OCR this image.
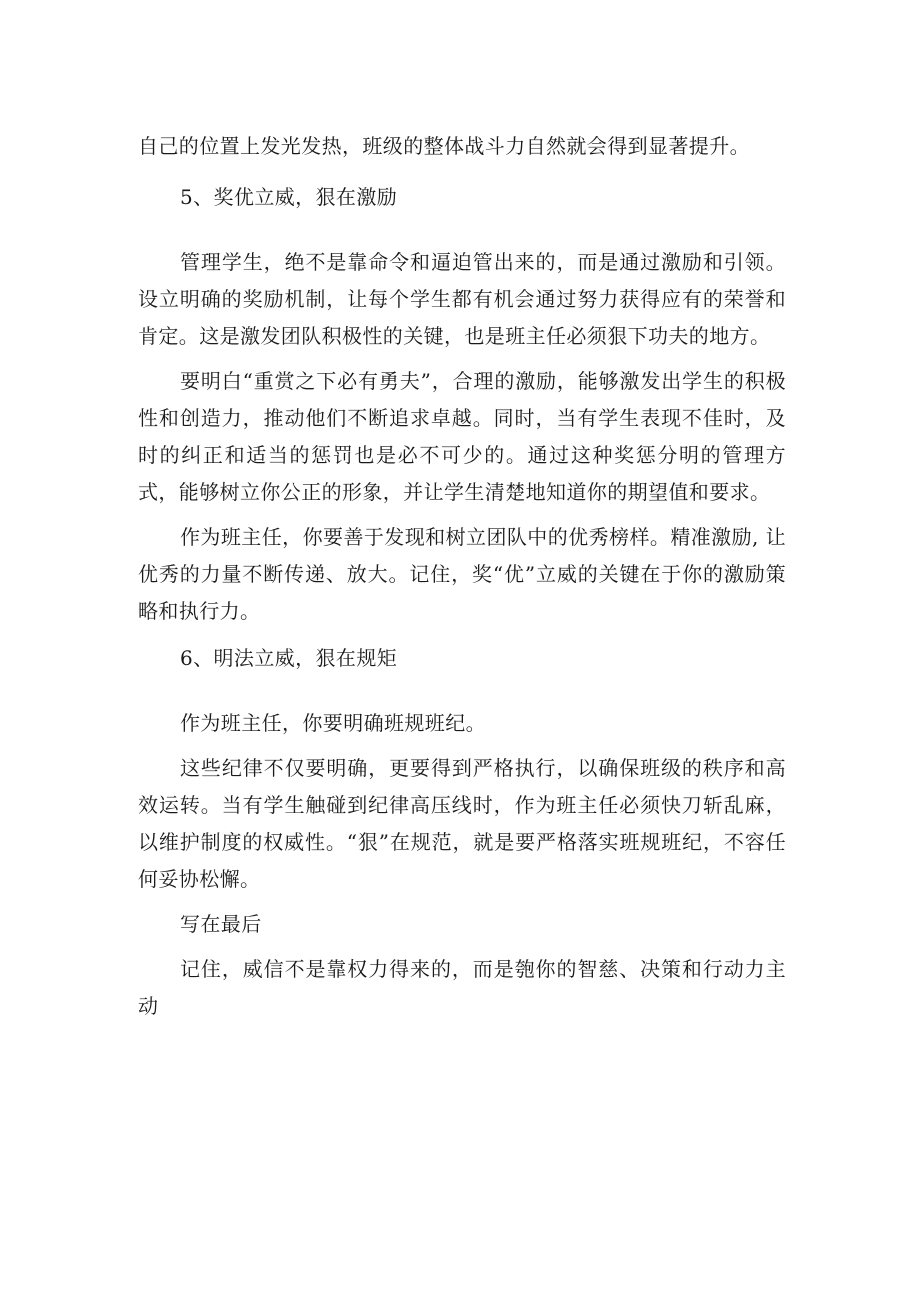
自己的位置上发光发热，班级的整体战斗力自然就会得到显著提升。

5、奖优立威，狠在激励

管理学生，绝不是靠命令和逼迫管出来的，而是通过激励和引领。设立明确的奖励机制，让每个学生都有机会通过努力获得应有的荣誉和肯定。这是激发团队积极性的关键，也是班主任必须狠下功夫的地方。

要明白“重赏之下必有勇夫”，合理的激励，能够激发出学生的积极性和创造力，推动他们不断追求卓越。同时，当有学生表现不佳时，及时的纠正和适当的惩罚也是必不可少的。通过这种奖惩分明的管理方式，能够树立你公正的形象，并让学生清楚地知道你的期望值和要求。

作为班主任，你要善于发现和树立团队中的优秀榜样。精准激励, 让优秀的力量不断传递、放大。记住，奖“优”立威的关键在于你的激励策略和执行力。

6、明法立威，狠在规矩

作为班主任，你要明确班规班纪。

这些纪律不仅要明确，更要得到严格执行，以确保班级的秩序和高效运转。当有学生触碰到纪律高压线时，作为班主任必须快刀斩乱麻，以维护制度的权威性。“狠”在规范，就是要严格落实班规班纪，不容任何妥协松懈。

写在最后

记住，威信不是靠权力得来的，而是匏你的智慈、决策和行动力主动
